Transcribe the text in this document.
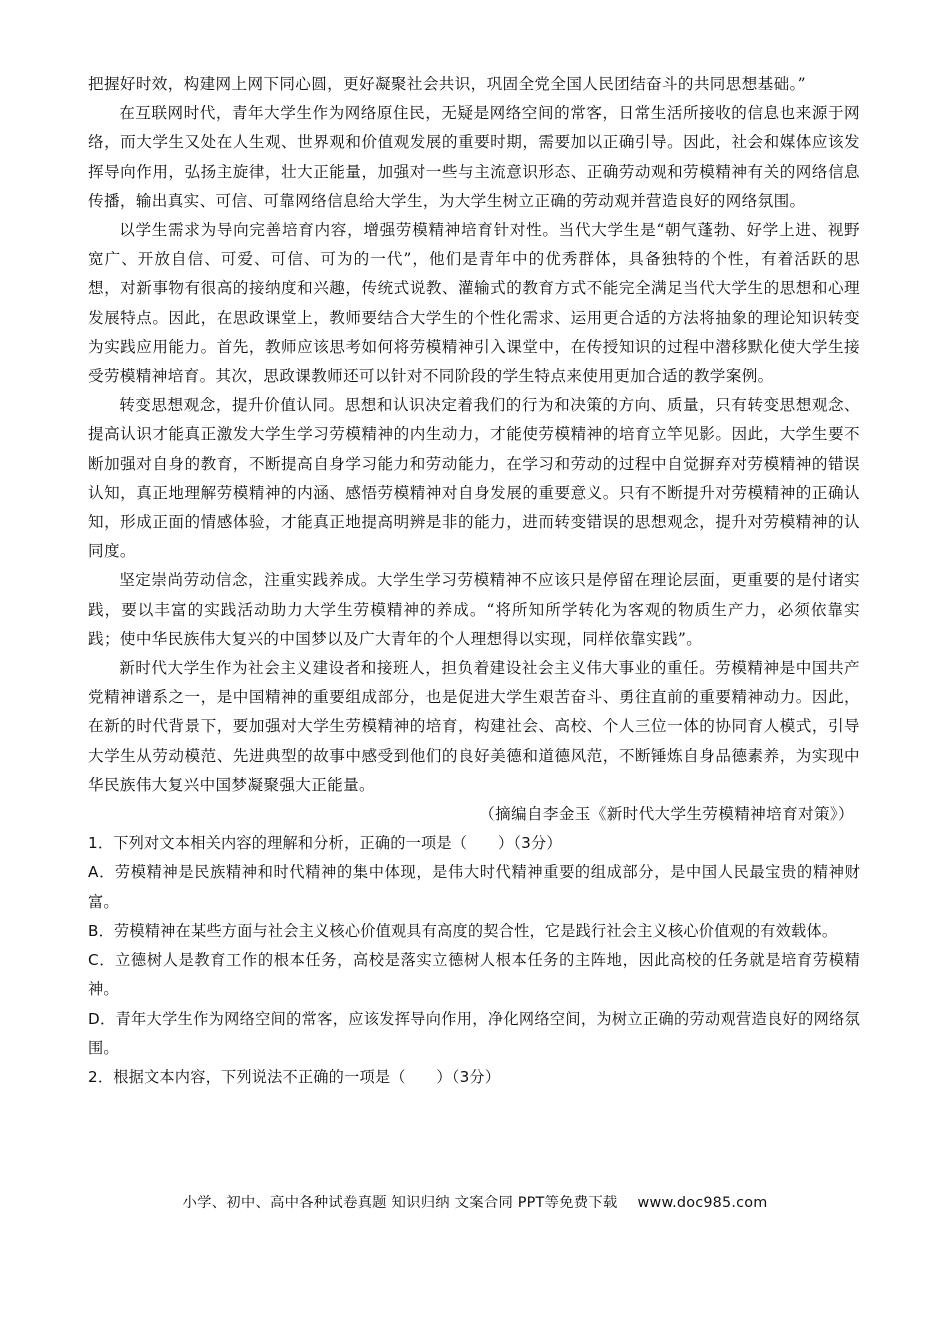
把握好时效，构建网上网下同心圆，更好凝聚社会共识，巩固全党全国人民团结奋斗的共同思想基础。”

在互联网时代，青年大学生作为网络原住民，无疑是网络空间的常客，日常生活所接收的信息也来源于网络，而大学生又处在人生观、世界观和价值观发展的重要时期，需要加以正确引导。因此，社会和媒体应该发挥导向作用，弘扬主旋律，壮大正能量，加强对一些与主流意识形态、正确劳动观和劳模精神有关的网络信息传播，输出真实、可信、可靠网络信息给大学生，为大学生树立正确的劳动观并营造良好的网络氛围。

以学生需求为导向完善培育内容，增强劳模精神培育针对性。当代大学生是“朝气蓬勃、好学上进、视野宽广、开放自信、可爱、可信、可为的一代”，他们是青年中的优秀群体，具备独特的个性，有着活跃的思想，对新事物有很高的接纳度和兴趣，传统式说教、灌输式的教育方式不能完全满足当代大学生的思想和心理发展特点。因此，在思政课堂上，教师要结合大学生的个性化需求、运用更合适的方法将抽象的理论知识转变为实践应用能力。首先，教师应该思考如何将劳模精神引入课堂中，在传授知识的过程中潜移默化使大学生接受劳模精神培育。其次，思政课教师还可以针对不同阶段的学生特点来使用更加合适的教学案例。

转变思想观念，提升价值认同。思想和认识决定着我们的行为和决策的方向、质量，只有转变思想观念、提高认识才能真正激发大学生学习劳模精神的内生动力，才能使劳模精神的培育立竿见影。因此，大学生要不断加强对自身的教育，不断提高自身学习能力和劳动能力，在学习和劳动的过程中自觉摒弃对劳模精神的错误认知，真正地理解劳模精神的内涵、感悟劳模精神对自身发展的重要意义。只有不断提升对劳模精神的正确认知，形成正面的情感体验，才能真正地提高明辨是非的能力，进而转变错误的思想观念，提升对劳模精神的认同度。

坚定崇尚劳动信念，注重实践养成。大学生学习劳模精神不应该只是停留在理论层面，更重要的是付诸实践，要以丰富的实践活动助力大学生劳模精神的养成。“将所知所学转化为客观的物质生产力，必须依靠实践；使中华民族伟大复兴的中国梦以及广大青年的个人理想得以实现，同样依靠实践”。

新时代大学生作为社会主义建设者和接班人，担负着建设社会主义伟大事业的重任。劳模精神是中国共产党精神谱系之一，是中国精神的重要组成部分，也是促进大学生艰苦奋斗、勇往直前的重要精神动力。因此，在新的时代背景下，要加强对大学生劳模精神的培育，构建社会、高校、个人三位一体的协同育人模式，引导大学生从劳动模范、先进典型的故事中感受到他们的良好美德和道德风范，不断锤炼自身品德素养，为实现中华民族伟大复兴中国梦凝聚强大正能量。

（摘编自李金玉《新时代大学生劳模精神培育对策》）

1．下列对文本相关内容的理解和分析，正确的一项是（　　）（3分）

A．劳模精神是民族精神和时代精神的集中体现，是伟大时代精神重要的组成部分，是中国人民最宝贵的精神财富。

B．劳模精神在某些方面与社会主义核心价值观具有高度的契合性，它是践行社会主义核心价值观的有效载体。

C．立德树人是教育工作的根本任务，高校是落实立德树人根本任务的主阵地，因此高校的任务就是培育劳模精神。

D．青年大学生作为网络空间的常客，应该发挥导向作用，净化网络空间，为树立正确的劳动观营造良好的网络氛围。

2．根据文本内容，下列说法不正确的一项是（　　）（3分）

小学、初中、高中各种试卷真题 知识归纳 文案合同 PPT等免费下载 www.doc985.com
